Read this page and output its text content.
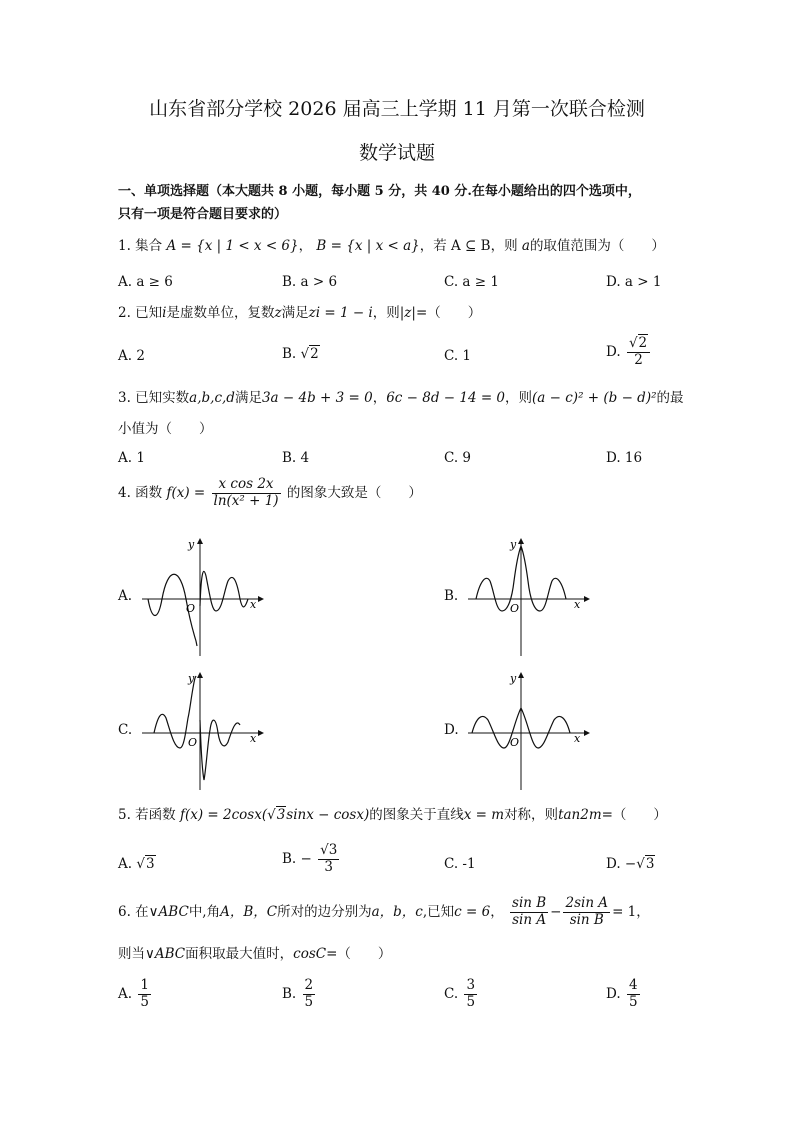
山东省部分学校 2026 届高三上学期 11 月第一次联合检测
数学试题
一、单项选择题（本大题共 8 小题，每小题 5 分，共 40 分.在每小题给出的四个选项中，
只有一项是符合题目要求的）
1. 集合 A = {x | 1 < x < 6}， B = {x | x < a}，若 A ⊆ B，则 a的取值范围为（　　）
A. a ≥ 6	B. a > 6	C. a ≥ 1	D. a > 1
2. 已知i是虚数单位，复数z满足zi = 1 − i，则|z|=（　　）
A. 2	B. √2	C. 1	D. $\frac{√2}{2}$
3. 已知实数a,b,c,d满足3a − 4b + 3 = 0，6c − 8d − 14 = 0，则(a − c)² + (b − d)²的最
小值为（　　）
A. 1	B. 4	C. 9	D. 16
4. 函数 $f(x) = \frac{\text{x cos 2x}}{\text{ln(x² + 1)}}$ 的图象大致是（　　）
A.	B.
C.	D.
O	x
y
O	x
y
O	x
y
O	x
y
5. 若函数 f(x) = 2cosx(√3sinx − cosx)的图象关于直线x = m对称，则tan2m=（　　）
A. √3	B. − $\frac{√3}{3}$	C. -1	D. −√3
6. 在∨ABC中,角A，B，C所对的边分别为a，b，c,已知c = 6， $\frac{\text{sin B}}{\text{sin A}} - \frac{\text{2sin A}}{\text{sin B}} = 1$，
则当∨ABC面积取最大值时，cosC=（　　）
A. $\frac{1}{5}$	B. $\frac{2}{5}$	C. $\frac{3}{5}$	D. $\frac{4}{5}$
